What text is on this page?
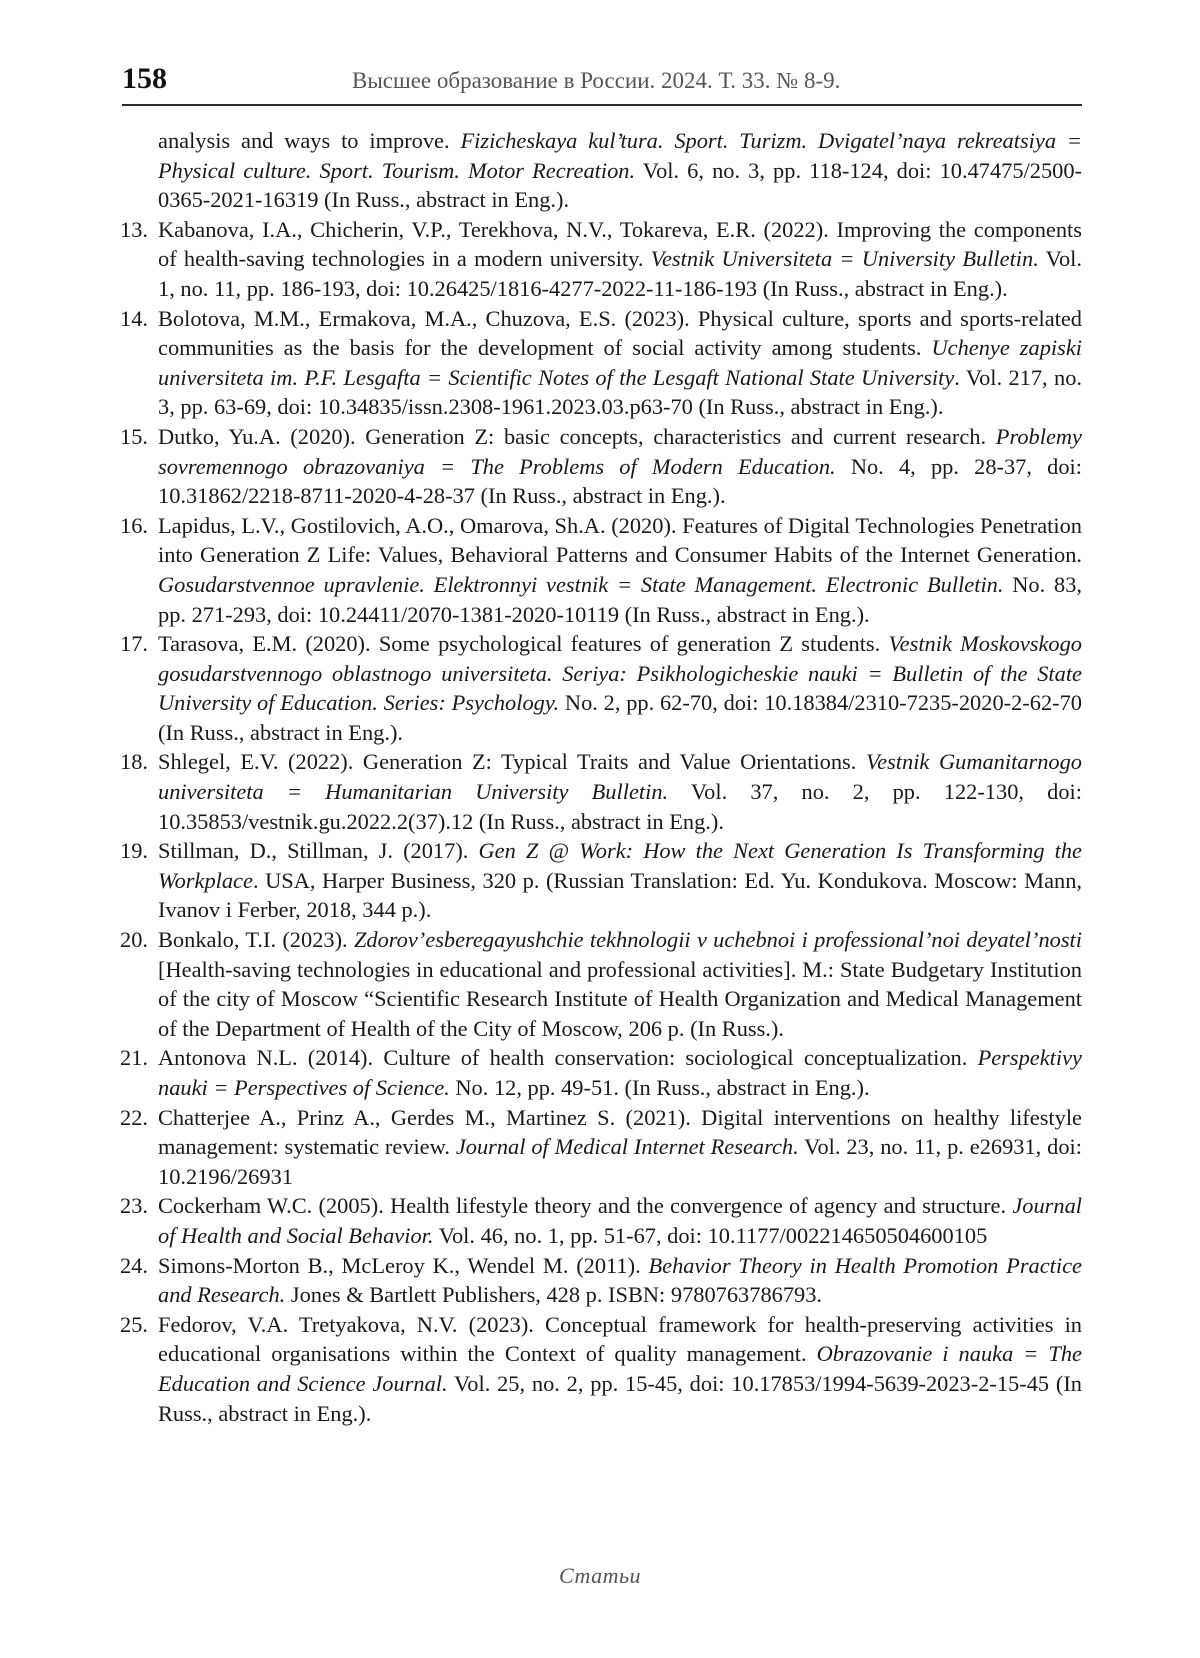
158	Высшее образование в России. 2024. Т. 33. № 8-9.
analysis and ways to improve. Fizicheskaya kul’tura. Sport. Turizm. Dvigatel’naya rekreatsiya = Physical culture. Sport. Tourism. Motor Recreation. Vol. 6, no. 3, pp. 118-124, doi: 10.47475/2500-0365-2021-16319 (In Russ., abstract in Eng.).
13. Kabanova, I.A., Chicherin, V.P., Terekhova, N.V., Tokareva, E.R. (2022). Improving the components of health-saving technologies in a modern university. Vestnik Universiteta = University Bulletin. Vol. 1, no. 11, pp. 186-193, doi: 10.26425/1816-4277-2022-11-186-193 (In Russ., abstract in Eng.).
14. Bolotova, M.M., Ermakova, M.A., Chuzova, E.S. (2023). Physical culture, sports and sports-related communities as the basis for the development of social activity among students. Uchenye zapiski universiteta im. P.F. Lesgafta = Scientific Notes of the Lesgaft National State University. Vol. 217, no. 3, pp. 63-69, doi: 10.34835/issn.2308-1961.2023.03.p63-70 (In Russ., abstract in Eng.).
15. Dutko, Yu.A. (2020). Generation Z: basic concepts, characteristics and current research. Problemy sovremennogo obrazovaniya = The Problems of Modern Education. No. 4, pp. 28-37, doi: 10.31862/2218-8711-2020-4-28-37 (In Russ., abstract in Eng.).
16. Lapidus, L.V., Gostilovich, A.O., Omarova, Sh.A. (2020). Features of Digital Technologies Penetration into Generation Z Life: Values, Behavioral Patterns and Consumer Habits of the Internet Generation. Gosudarstvennoe upravlenie. Elektronnyi vestnik = State Management. Electronic Bulletin. No. 83, pp. 271-293, doi: 10.24411/2070-1381-2020-10119 (In Russ., abstract in Eng.).
17. Tarasova, E.M. (2020). Some psychological features of generation Z students. Vestnik Moskovskogo gosudarstvennogo oblastnogo universiteta. Seriya: Psikhologicheskie nauki = Bulletin of the State University of Education. Series: Psychology. No. 2, pp. 62-70, doi: 10.18384/2310-7235-2020-2-62-70 (In Russ., abstract in Eng.).
18. Shlegel, E.V. (2022). Generation Z: Typical Traits and Value Orientations. Vestnik Gumanitarnogo universiteta = Humanitarian University Bulletin. Vol. 37, no. 2, pp. 122-130, doi: 10.35853/vestnik.gu.2022.2(37).12 (In Russ., abstract in Eng.).
19. Stillman, D., Stillman, J. (2017). Gen Z @ Work: How the Next Generation Is Transforming the Workplace. USA, Harper Business, 320 p. (Russian Translation: Ed. Yu. Kondukova. Moscow: Mann, Ivanov i Ferber, 2018, 344 p.).
20. Bonkalo, T.I. (2023). Zdorov’esberegayushchie tekhnologii v uchebnoi i professional’noi deyatel’nosti [Health-saving technologies in educational and professional activities]. M.: State Budgetary Institution of the city of Moscow “Scientific Research Institute of Health Organization and Medical Management of the Department of Health of the City of Moscow, 206 p. (In Russ.).
21. Antonova N.L. (2014). Culture of health conservation: sociological conceptualization. Perspektivy nauki = Perspectives of Science. No. 12, pp. 49-51. (In Russ., abstract in Eng.).
22. Chatterjee A., Prinz A., Gerdes M., Martinez S. (2021). Digital interventions on healthy lifestyle management: systematic review. Journal of Medical Internet Research. Vol. 23, no. 11, p. e26931, doi: 10.2196/26931
23. Cockerham W.C. (2005). Health lifestyle theory and the convergence of agency and structure. Journal of Health and Social Behavior. Vol. 46, no. 1, pp. 51-67, doi: 10.1177/002214650504600105
24. Simons-Morton B., McLeroy K., Wendel M. (2011). Behavior Theory in Health Promotion Practice and Research. Jones & Bartlett Publishers, 428 p. ISBN: 9780763786793.
25. Fedorov, V.A. Tretyakova, N.V. (2023). Conceptual framework for health-preserving activities in educational organisations within the Context of quality management. Obrazovanie i nauka = The Education and Science Journal. Vol. 25, no. 2, pp. 15-45, doi: 10.17853/1994-5639-2023-2-15-45 (In Russ., abstract in Eng.).
Статьи
